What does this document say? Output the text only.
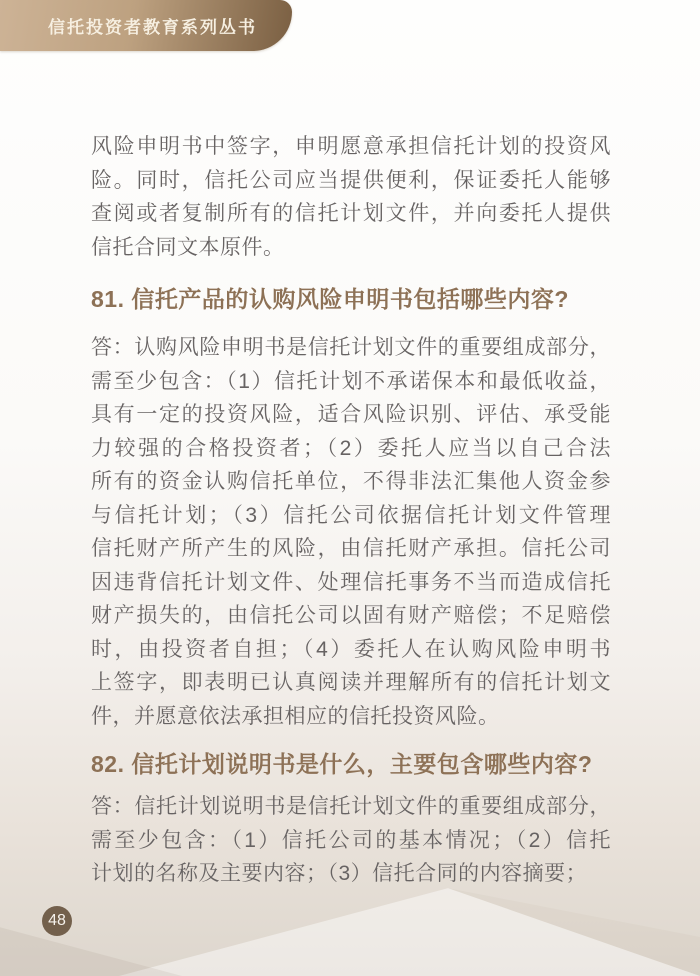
信托投资者教育系列丛书
风险申明书中签字，申明愿意承担信托计划的投资风
险。同时，信托公司应当提供便利，保证委托人能够
查阅或者复制所有的信托计划文件，并向委托人提供
信托合同文本原件。
81. 信托产品的认购风险申明书包括哪些内容?
答：认购风险申明书是信托计划文件的重要组成部分，
需至少包含：（1）信托计划不承诺保本和最低收益，
具有一定的投资风险，适合风险识别、评估、承受能
力较强的合格投资者；（2）委托人应当以自己合法
所有的资金认购信托单位，不得非法汇集他人资金参
与信托计划；（3）信托公司依据信托计划文件管理
信托财产所产生的风险，由信托财产承担。信托公司
因违背信托计划文件、处理信托事务不当而造成信托
财产损失的，由信托公司以固有财产赔偿；不足赔偿
时，由投资者自担；（4）委托人在认购风险申明书
上签字，即表明已认真阅读并理解所有的信托计划文
件，并愿意依法承担相应的信托投资风险。
82. 信托计划说明书是什么，主要包含哪些内容?
答：信托计划说明书是信托计划文件的重要组成部分，
需至少包含：（1）信托公司的基本情况；（2）信托
计划的名称及主要内容；（3）信托合同的内容摘要；
48
